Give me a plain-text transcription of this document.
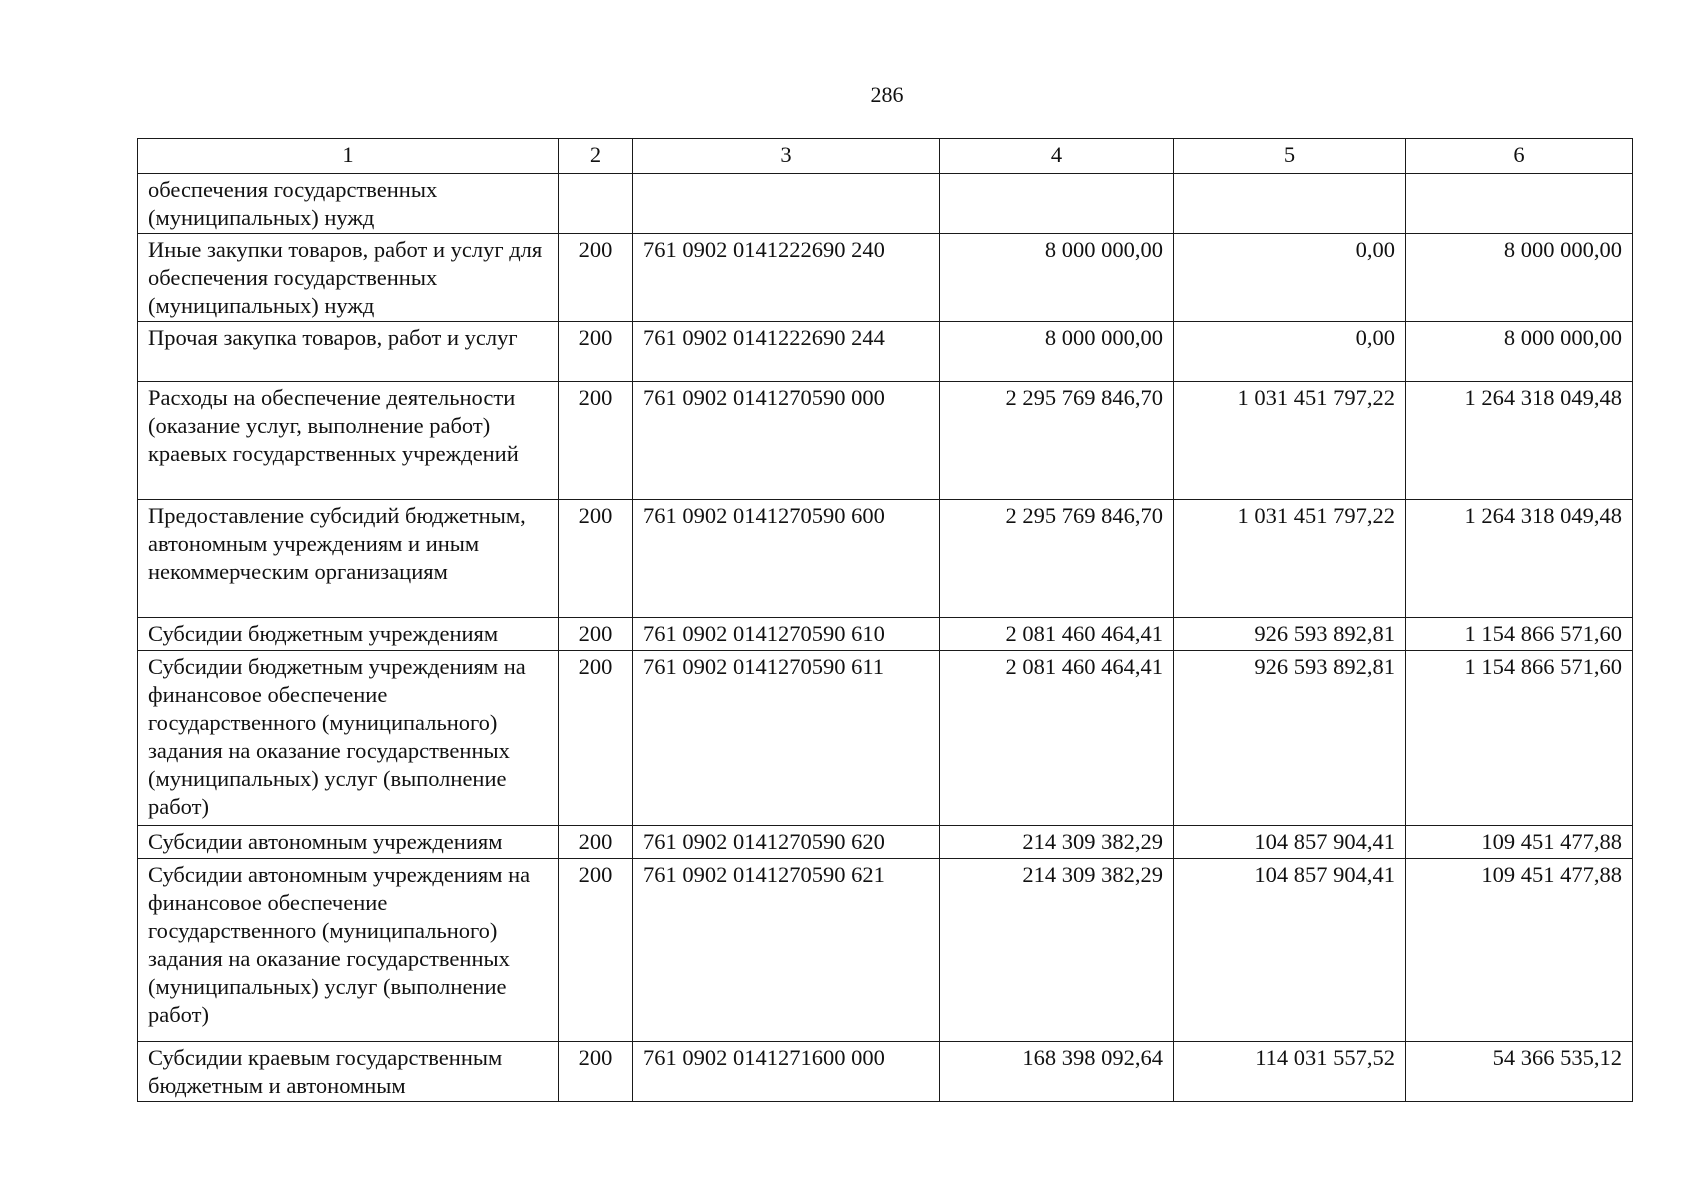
286
1	2	3	4	5	6
обеспечения государственных (муниципальных) нужд					
Иные закупки товаров, работ и услуг для обеспечения государственных (муниципальных) нужд	200	761 0902 0141222690 240	8 000 000,00	0,00	8 000 000,00
Прочая закупка товаров, работ и услуг	200	761 0902 0141222690 244	8 000 000,00	0,00	8 000 000,00
Расходы на обеспечение деятельности (оказание услуг, выполнение работ) краевых государственных учреждений	200	761 0902 0141270590 000	2 295 769 846,70	1 031 451 797,22	1 264 318 049,48
Предоставление субсидий бюджетным, автономным учреждениям и иным некоммерческим организациям	200	761 0902 0141270590 600	2 295 769 846,70	1 031 451 797,22	1 264 318 049,48
Субсидии бюджетным учреждениям	200	761 0902 0141270590 610	2 081 460 464,41	926 593 892,81	1 154 866 571,60
Субсидии бюджетным учреждениям на финансовое обеспечение государственного (муниципального) задания на оказание государственных (муниципальных) услуг (выполнение работ)	200	761 0902 0141270590 611	2 081 460 464,41	926 593 892,81	1 154 866 571,60
Субсидии автономным учреждениям	200	761 0902 0141270590 620	214 309 382,29	104 857 904,41	109 451 477,88
Субсидии автономным учреждениям на финансовое обеспечение государственного (муниципального) задания на оказание государственных (муниципальных) услуг (выполнение работ)	200	761 0902 0141270590 621	214 309 382,29	104 857 904,41	109 451 477,88
Субсидии краевым государственным бюджетным и автономным	200	761 0902 0141271600 000	168 398 092,64	114 031 557,52	54 366 535,12
